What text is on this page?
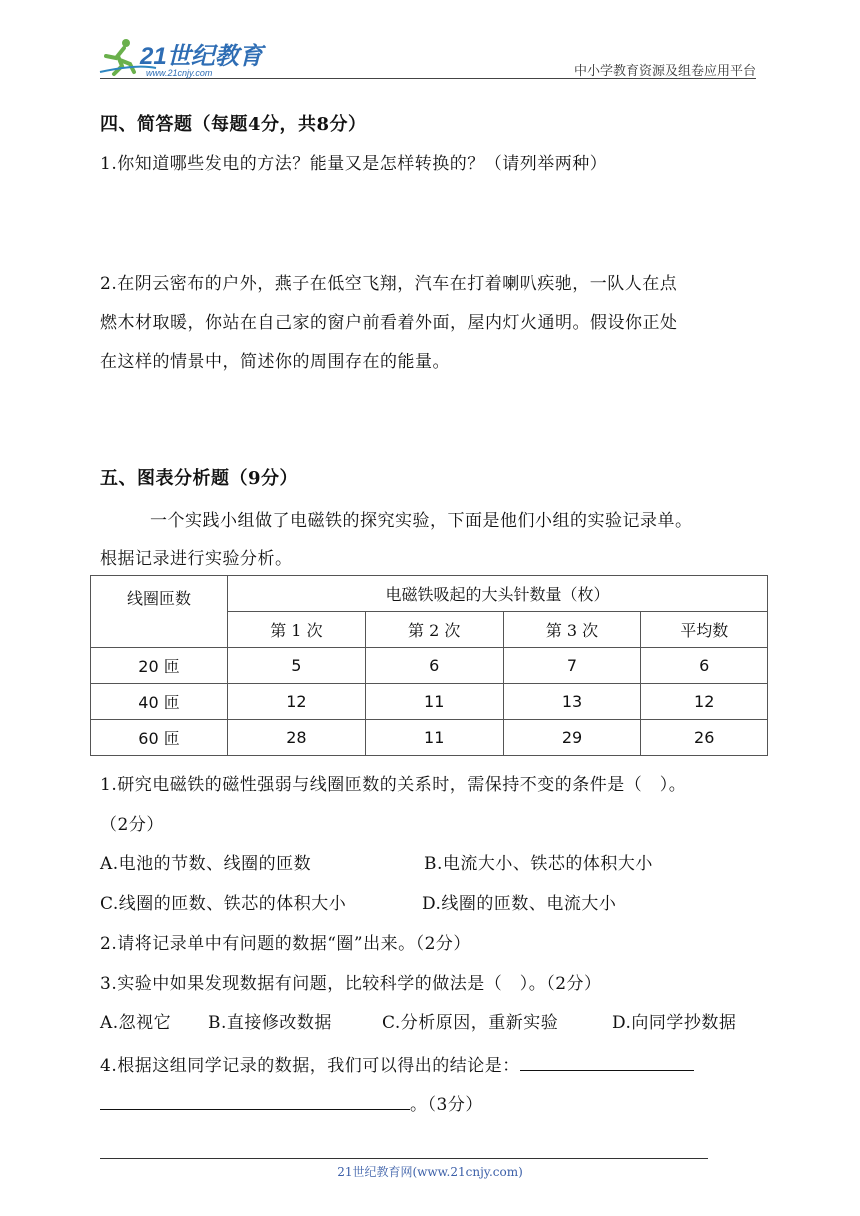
21世纪教育
www.21cnjy.com	中小学教育资源及组卷应用平台
四、简答题（每题4分，共8分）
1.你知道哪些发电的方法？能量又是怎样转换的？（请列举两种）
2.在阴云密布的户外，燕子在低空飞翔，汽车在打着喇叭疾驰，一队人在点
燃木材取暖，你站在自己家的窗户前看着外面，屋内灯火通明。假设你正处
在这样的情景中，简述你的周围存在的能量。
五、图表分析题（9分）
一个实践小组做了电磁铁的探究实验，下面是他们小组的实验记录单。
根据记录进行实验分析。
线圈匝数	电磁铁吸起的大头针数量（枚）			
	第 1 次	第 2 次	第 3 次	平均数
20 匝	5	6	7	6
40 匝	12	11	13	12
60 匝	28	11	29	26
1.研究电磁铁的磁性强弱与线圈匝数的关系时，需保持不变的条件是（　）。
（2分）
A.电池的节数、线圈的匝数	B.电流大小、铁芯的体积大小
C.线圈的匝数、铁芯的体积大小	D.线圈的匝数、电流大小
2.请将记录单中有问题的数据“圈”出来。（2分）
3.实验中如果发现数据有问题，比较科学的做法是（　）。（2分）
A.忽视它 B.直接修改数据	C.分析原因，重新实验	D.向同学抄数据
4.根据这组同学记录的数据，我们可以得出的结论是：
。（3分）
21世纪教育网(www.21cnjy.com)
